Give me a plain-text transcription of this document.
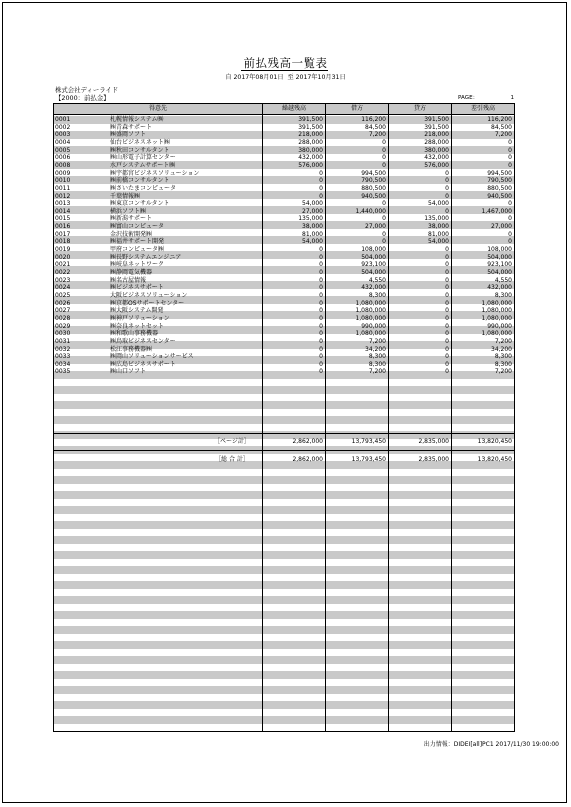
前払残高一覧表
自 2017年08月01日  至 2017年10月31日
株式会社ディーライド
【2000：前払金】	PAGE：	1
得意先	繰越残高	借方	貸方	差引残高
0001	札幌情報システム㈱	391,500	116,200	391,500	116,200
0002	㈱青森サポート	391,500	84,500	391,500	84,500
0003	㈱盛岡ソフト	218,000	7,200	218,000	7,200
0004	仙台ビジネスネット㈱	288,000	0	288,000	0
0005	㈱秋田コンサルタント	380,000	0	380,000	0
0006	㈱山形電子計算センター	432,000	0	432,000	0
0008	水戸システムサポート㈱	576,000	0	576,000	0
0009	㈱宇都宮ビジネスソリューション	0	994,500	0	994,500
0010	㈱前橋コンサルタント	0	790,500	0	790,500
0011	㈱さいたまコンピュータ	0	880,500	0	880,500
0012	千葉情報㈱	0	940,500	0	940,500
0013	㈱東京コンサルタント	54,000	0	54,000	0
0014	横浜ソフト㈱	27,000	1,440,000	0	1,467,000
0015	㈱新潟サポート	135,000	0	135,000	0
0016	㈱富山コンピュータ	38,000	27,000	38,000	27,000
0017	金沢技術開発㈱	81,000	0	81,000	0
0018	㈱福井サポート開発	54,000	0	54,000	0
0019	甲府コンピュータ㈱	0	108,000	0	108,000
0020	㈱長野システムエンジニア	0	504,000	0	504,000
0021	㈱岐阜ネットワーク	0	923,100	0	923,100
0022	㈱静岡電気機器	0	504,000	0	504,000
0023	㈱名古屋情報	0	4,550	0	4,550
0024	㈱ビジネスサポート	0	432,000	0	432,000
0025	大阪ビジネスソリューション	0	8,300	0	8,300
0026	㈱京都OSサポートセンター	0	1,080,000	0	1,080,000
0027	㈱大阪システム開発	0	1,080,000	0	1,080,000
0028	㈱神戸ソリューション	0	1,080,000	0	1,080,000
0029	㈱奈良ネットセット	0	990,000	0	990,000
0030	㈱和歌山事務機器	0	1,080,000	0	1,080,000
0031	㈱鳥取ビジネスセンター	0	7,200	0	7,200
0032	松江事務機器㈱	0	34,200	0	34,200
0033	㈱岡山ソリューションサービス	0	8,300	0	8,300
0034	㈱広島ビジネスサポート	0	8,300	0	8,300
0035	㈱山口ソフト	0	7,200	0	7,200
［ページ計］	2,862,000	13,793,450	2,835,000	13,820,450
［総 合 計］	2,862,000	13,793,450	2,835,000	13,820,450
出力情報：DIDEI[all]PC1 2017/11/30 19:00:00
